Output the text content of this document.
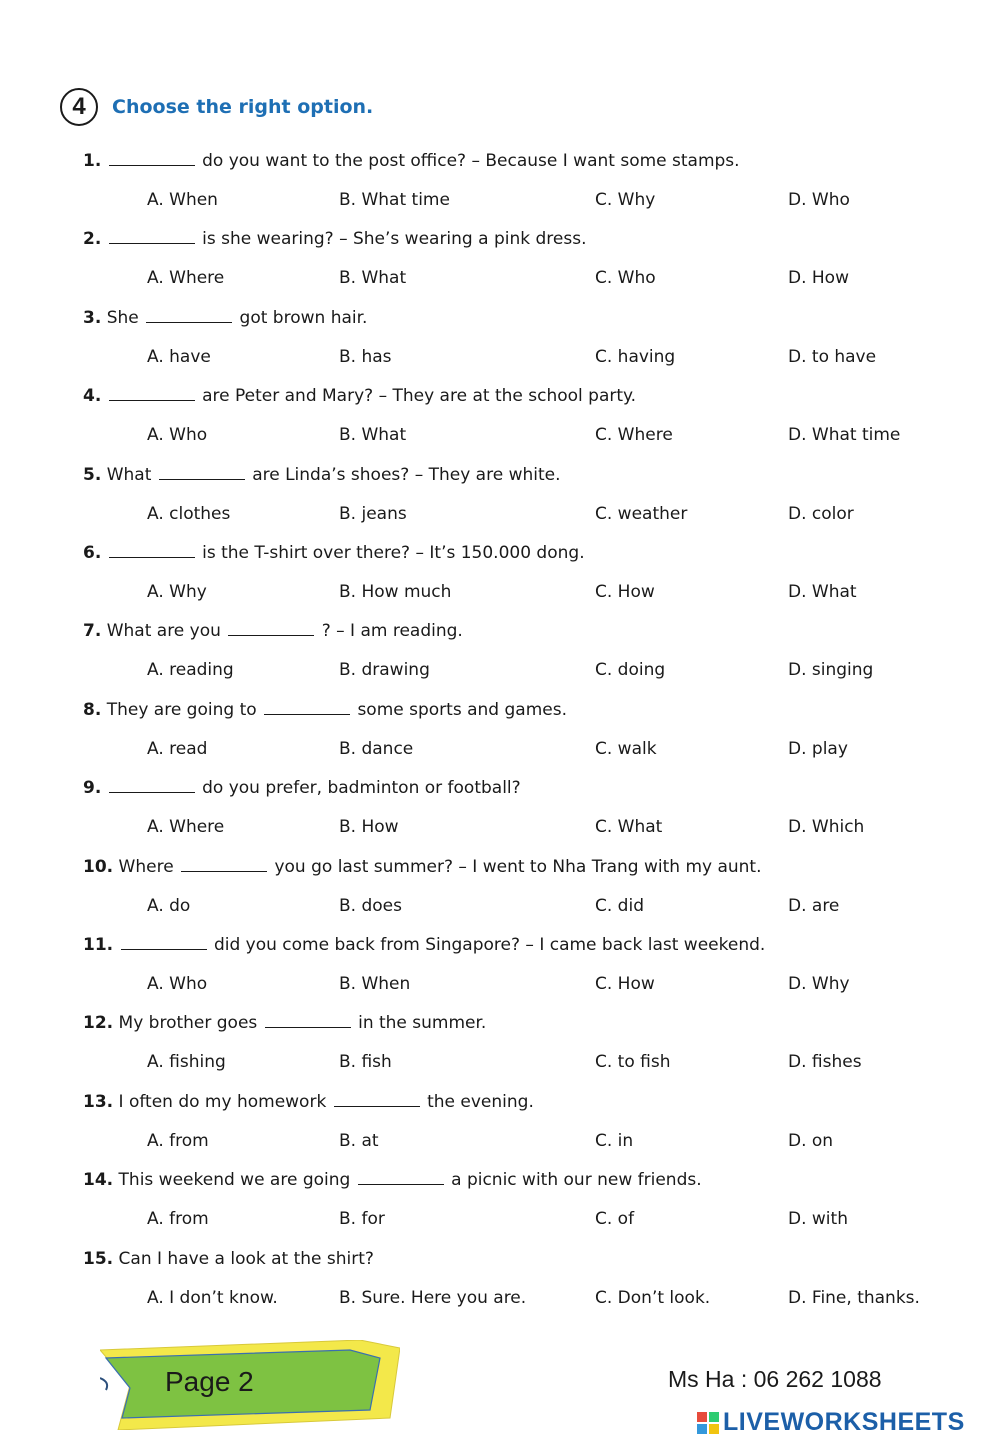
4	Choose the right option.
1.	do you want to the post office? – Because I want some stamps.
A. When	B. What time	C. Why	D. Who
2.	is she wearing? – She’s wearing a pink dress.
A. Where	B. What	C. Who	D. How
3. She	got brown hair.
A. have	B. has	C. having	D. to have
4.	are Peter and Mary? – They are at the school party.
A. Who	B. What	C. Where	D. What time
5. What	are Linda’s shoes? – They are white.
A. clothes	B. jeans	C. weather	D. color
6.	is the T-shirt over there? – It’s 150.000 dong.
A. Why	B. How much	C. How	D. What
7. What are you	? – I am reading.
A. reading	B. drawing	C. doing	D. singing
8. They are going to	some sports and games.
A. read	B. dance	C. walk	D. play
9.	do you prefer, badminton or football?
A. Where	B. How	C. What	D. Which
10. Where	you go last summer? – I went to Nha Trang with my aunt.
A. do	B. does	C. did	D. are
11.	did you come back from Singapore? – I came back last weekend.
A. Who	B. When	C. How	D. Why
12. My brother goes	in the summer.
A. fishing	B. fish	C. to fish	D. fishes
13. I often do my homework	the evening.
A. from	B. at	C. in	D. on
14. This weekend we are going	a picnic with our new friends.
A. from	B. for	C. of	D. with
15. Can I have a look at the shirt?
A. I don’t know.	B. Sure. Here you are.	C. Don’t look.	D. Fine, thanks.
Page 2	Ms Ha : 06 262 1088
LIVEWORKSHEETS
